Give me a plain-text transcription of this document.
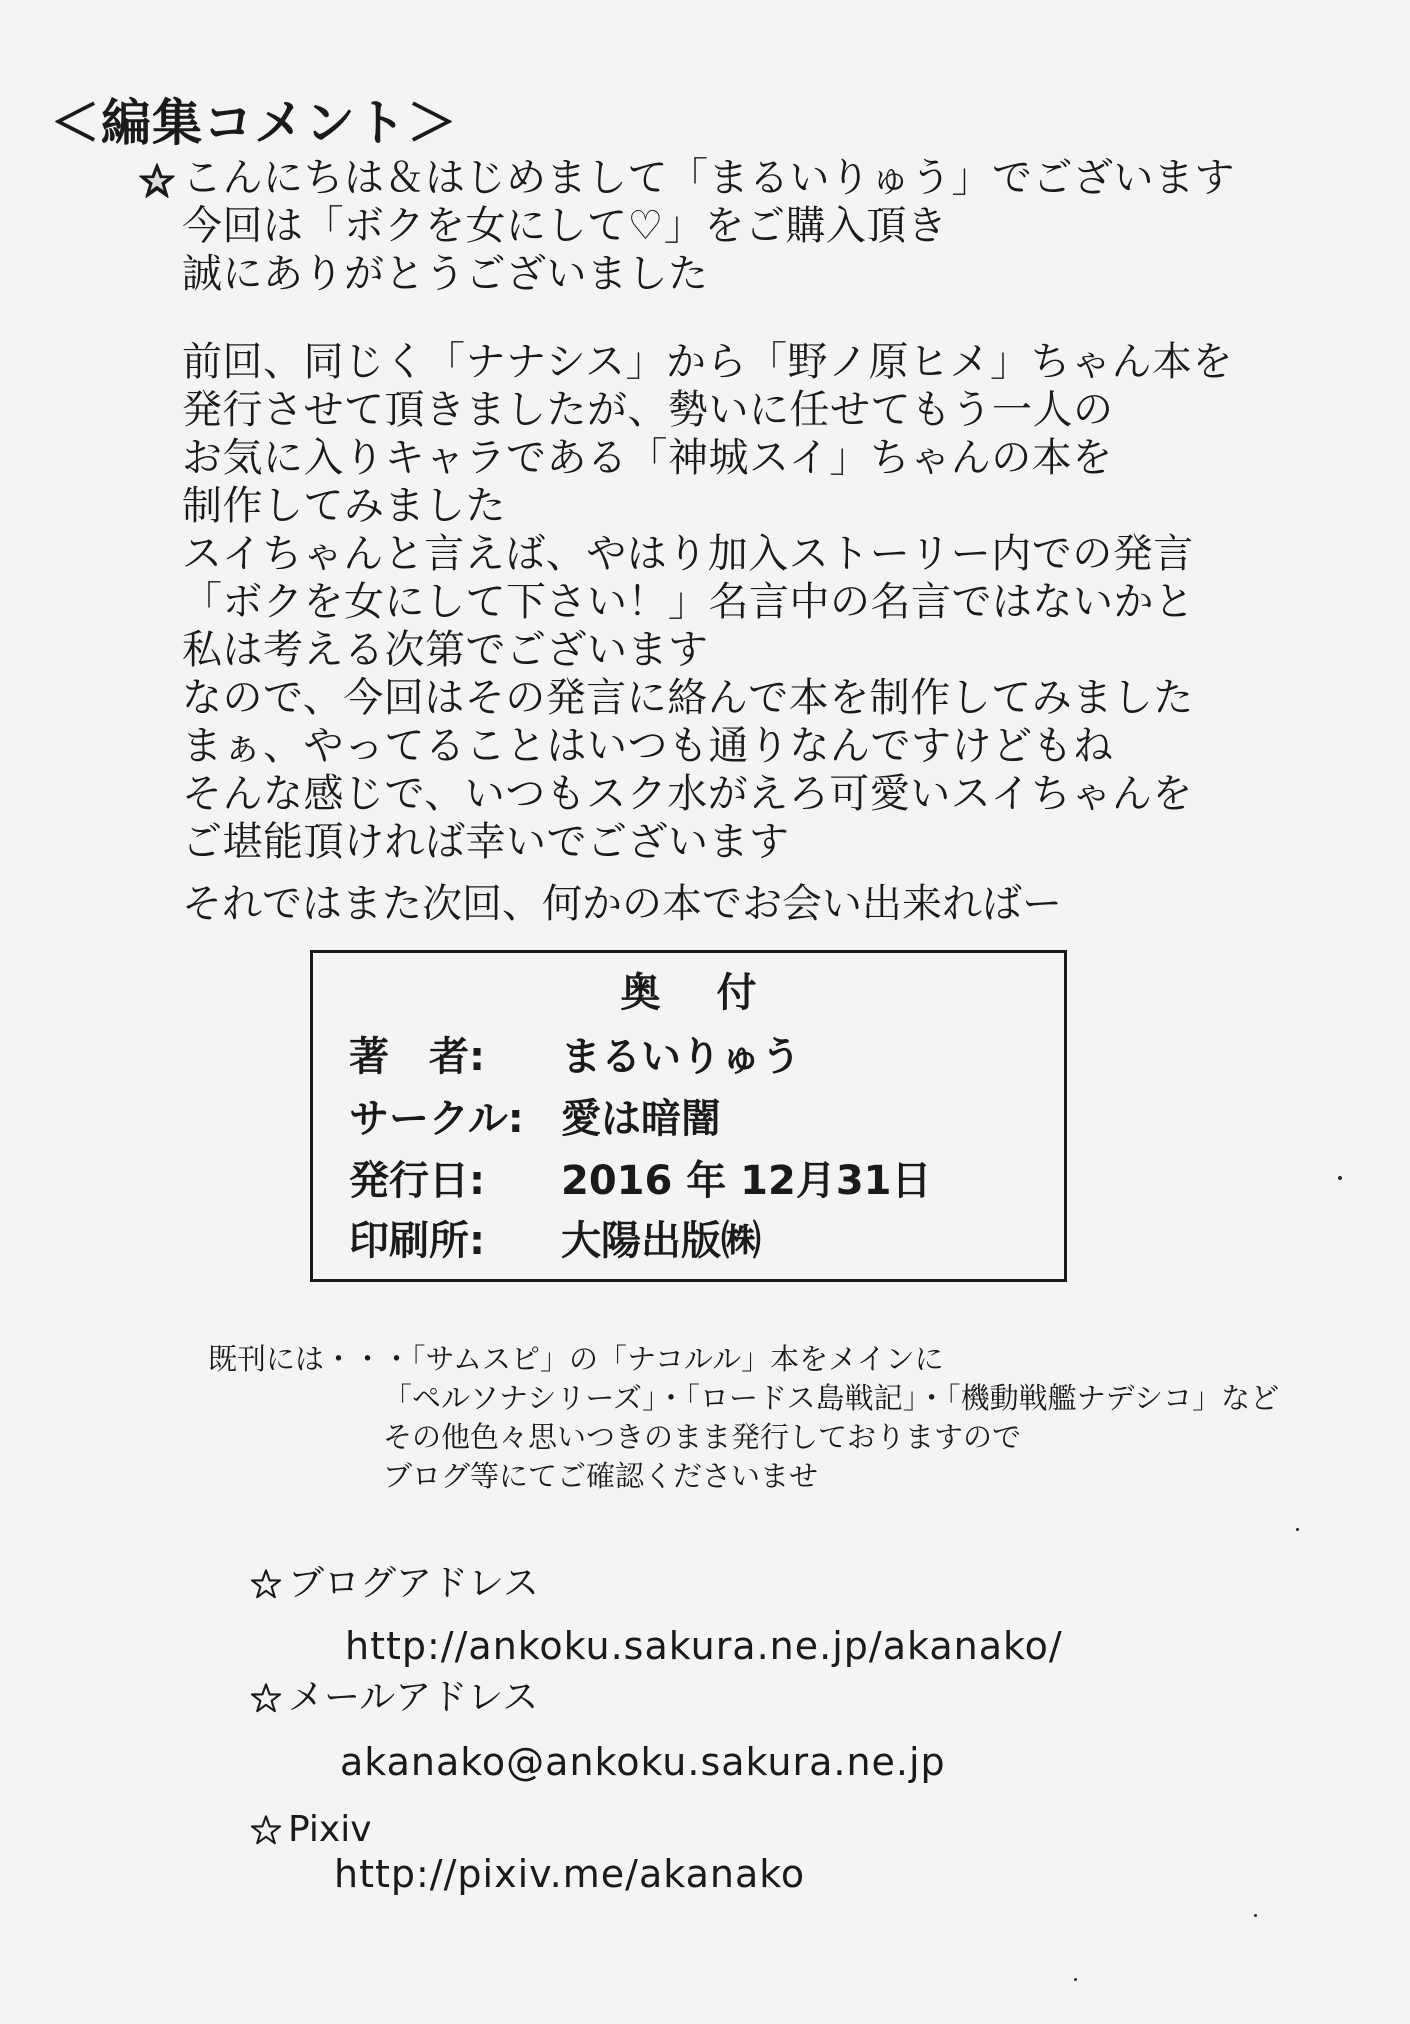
＜編集コメント＞
こんにちは＆はじめまして「まるいりゅう」でございます
今回は「ボクを女にして♡」をご購入頂き
誠にありがとうございました
前回、同じく「ナナシス」から「野ノ原ヒメ」ちゃん本を
発行させて頂きましたが、勢いに任せてもう一人の
お気に入りキャラである「神城スイ」ちゃんの本を
制作してみました
スイちゃんと言えば、やはり加入ストーリー内での発言
「ボクを女にして下さい！」名言中の名言ではないかと
私は考える次第でございます
なので、今回はその発言に絡んで本を制作してみました
まぁ、やってることはいつも通りなんですけどもね
そんな感じで、いつもスク水がえろ可愛いスイちゃんを
ご堪能頂ければ幸いでございます
それではまた次回、何かの本でお会い出来ればー
奥付
著　者: まるいりゅう
サークル: 愛は暗闇
発行日: 2016 年 12月31日
印刷所: 大陽出版㈱
既刊には・・・「サムスピ」の「ナコルル」本をメインに
「ペルソナシリーズ」・「ロードス島戦記」・「機動戦艦ナデシコ」など
その他色々思いつきのまま発行しておりますので
ブログ等にてご確認くださいませ
ブログアドレス
http://ankoku.sakura.ne.jp/akanako/
メールアドレス
akanako@ankoku.sakura.ne.jp
Pixiv
http://pixiv.me/akanako
